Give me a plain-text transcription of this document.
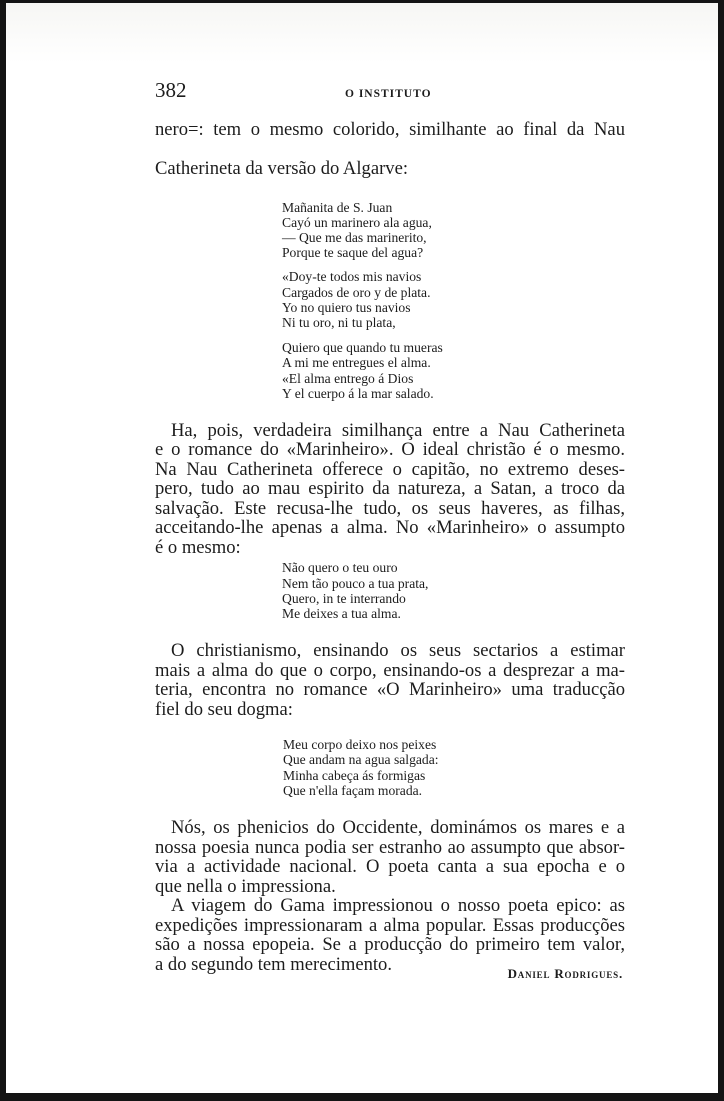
382	O INSTITUTO
nero=: tem o mesmo colorido, similhante ao final da Nau

Catherineta da versão do Algarve:
Mañanita de S. Juan
Cayó un marinero ala agua,
— Que me das marinerito,
Porque te saque del agua?
«Doy-te todos mis navios
Cargados de oro y de plata.
Yo no quiero tus navios
Ni tu oro, ni tu plata,
Quiero que quando tu mueras
A mi me entregues el alma.
«El alma entrego á Dios
Y el cuerpo á la mar salado.
Ha, pois, verdadeira similhança entre a Nau Catherineta
e o romance do «Marinheiro». O ideal christão é o mesmo.
Na Nau Catherineta offerece o capitão, no extremo deses-
pero, tudo ao mau espirito da natureza, a Satan, a troco da
salvação. Este recusa-lhe tudo, os seus haveres, as filhas,
acceitando-lhe apenas a alma. No «Marinheiro» o assumpto
é o mesmo:
Não quero o teu ouro
Nem tão pouco a tua prata,
Quero, in te interrando
Me deixes a tua alma.
O christianismo, ensinando os seus sectarios a estimar
mais a alma do que o corpo, ensinando-os a desprezar a ma-
teria, encontra no romance «O Marinheiro» uma traducção
fiel do seu dogma:
Meu corpo deixo nos peixes
Que andam na agua salgada:
Minha cabeça ás formigas
Que n'ella façam morada.
Nós, os phenicios do Occidente, dominámos os mares e a
nossa poesia nunca podia ser estranho ao assumpto que absor-
via a actividade nacional. O poeta canta a sua epocha e o
que nella o impressiona.
A viagem do Gama impressionou o nosso poeta epico: as
expedições impressionaram a alma popular. Essas producções
são a nossa epopeia. Se a producção do primeiro tem valor,
a do segundo tem merecimento.	Daniel Rodrigues.
